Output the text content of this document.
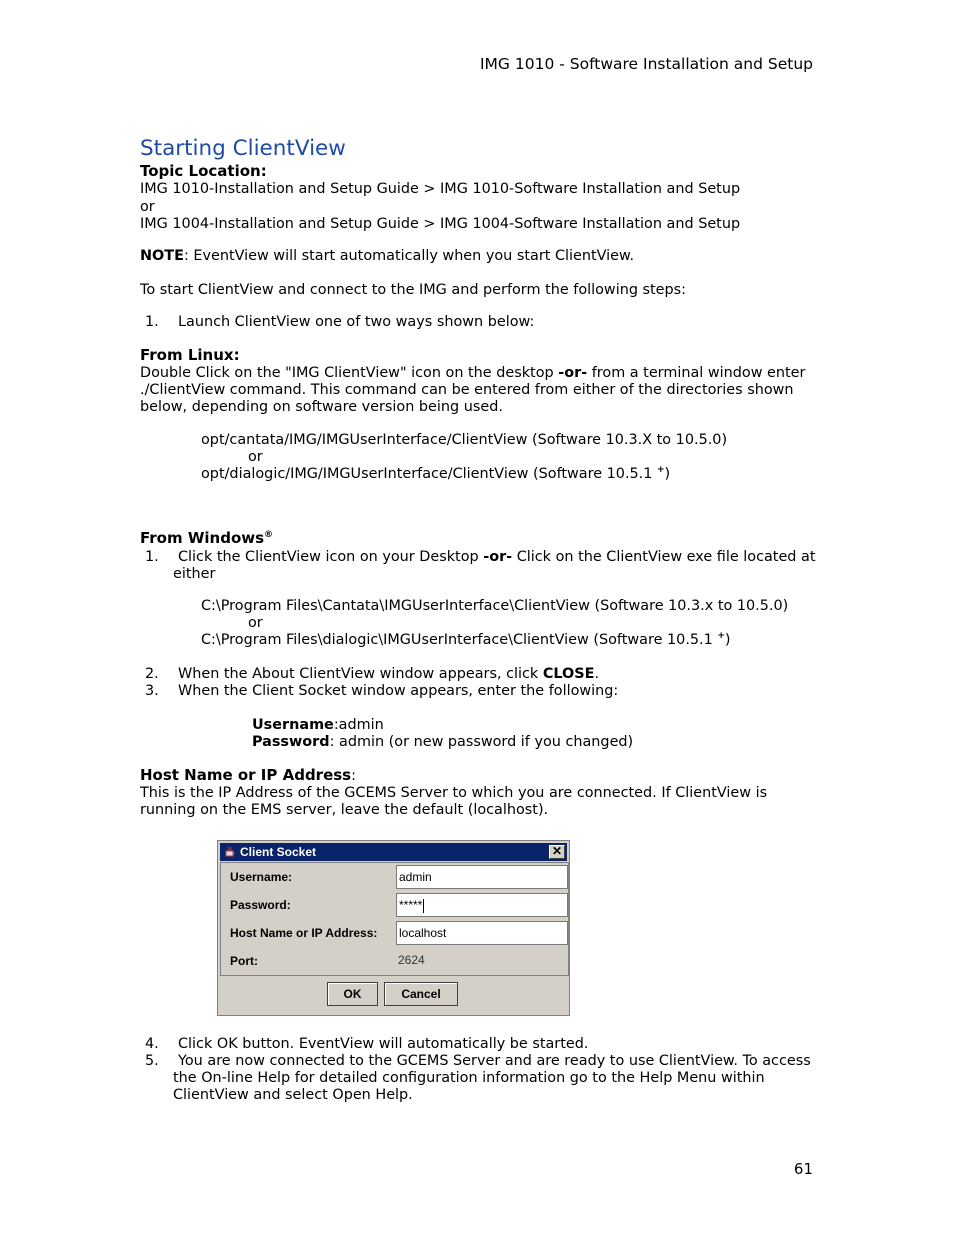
IMG 1010 - Software Installation and Setup
Starting ClientView
Topic Location:
IMG 1010-Installation and Setup Guide > IMG 1010-Software Installation and Setup
or
IMG 1004-Installation and Setup Guide > IMG 1004-Software Installation and Setup
NOTE: EventView will start automatically when you start ClientView.
To start ClientView and connect to the IMG and perform the following steps:
1. Launch ClientView one of two ways shown below:
From Linux:
Double Click on the "IMG ClientView" icon on the desktop -or- from a terminal window enter
./ClientView command. This command can be entered from either of the directories shown
below, depending on software version being used.
opt/cantata/IMG/IMGUserInterface/ClientView (Software 10.3.X to 10.5.0)
or
opt/dialogic/IMG/IMGUserInterface/ClientView (Software 10.5.1 +)
From Windows®
1. Click the ClientView icon on your Desktop -or- Click on the ClientView exe file located at
either
C:\Program Files\Cantata\IMGUserInterface\ClientView (Software 10.3.x to 10.5.0)
or
C:\Program Files\dialogic\IMGUserInterface\ClientView (Software 10.5.1 +)
2. When the About ClientView window appears, click CLOSE.
3. When the Client Socket window appears, enter the following:
Username:admin
Password: admin (or new password if you changed)
Host Name or IP Address:
This is the IP Address of the GCEMS Server to which you are connected. If ClientView is
running on the EMS server, leave the default (localhost).
Client Socket	✕
Username:	admin
Password:	*****
Host Name or IP Address: localhost
Port:	2624
OK	Cancel
4. Click OK button. EventView will automatically be started.
5. You are now connected to the GCEMS Server and are ready to use ClientView. To access
the On-line Help for detailed configuration information go to the Help Menu within
ClientView and select Open Help.
61
